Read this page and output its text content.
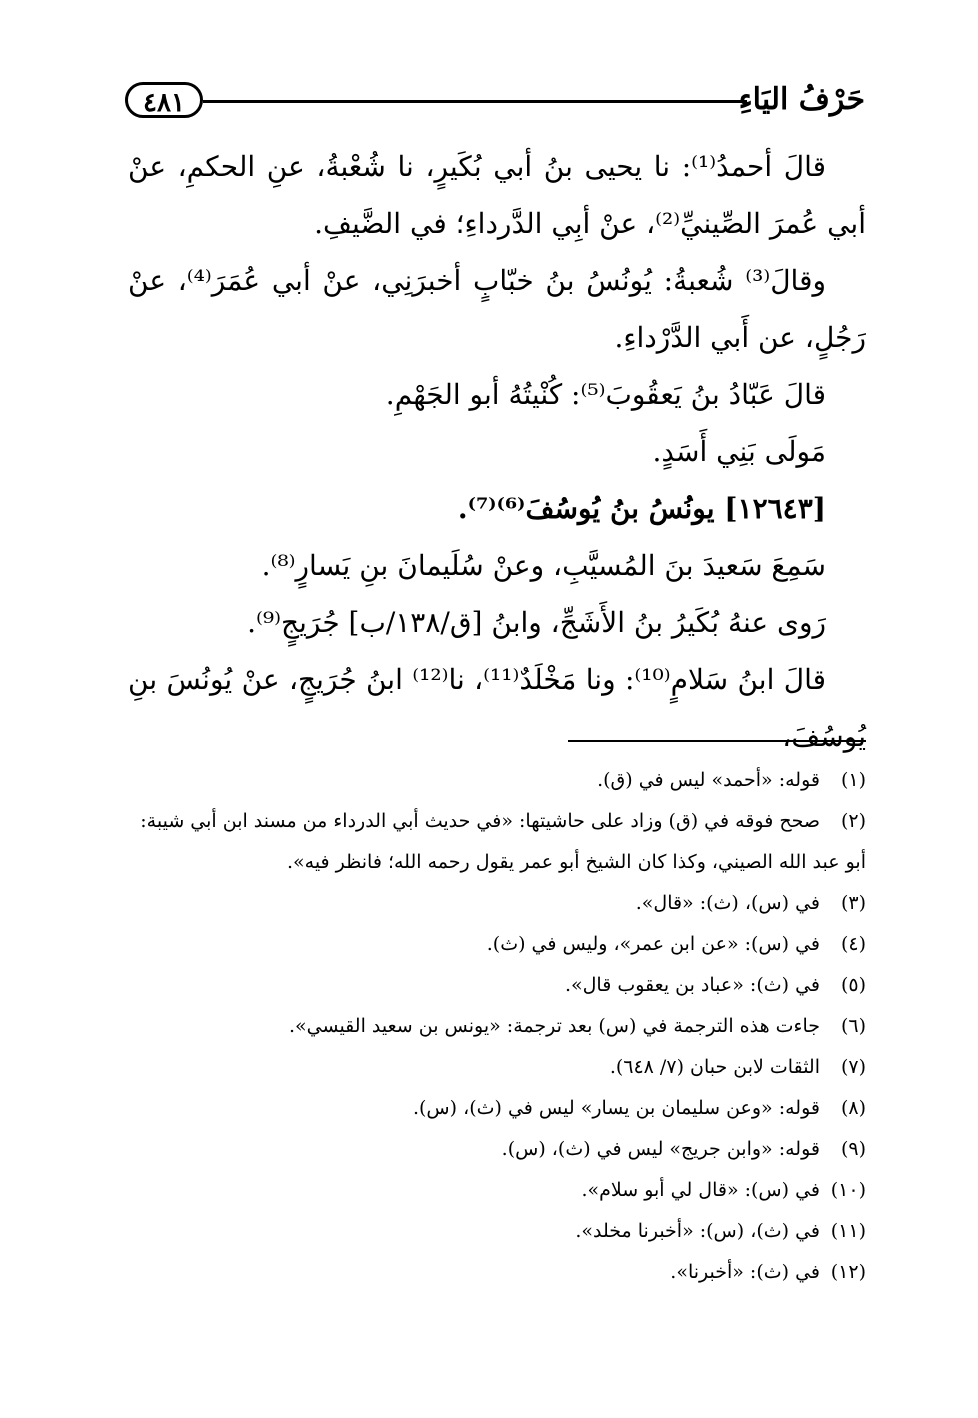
٤٨١	حَرْفُ اليَاءِ

قالَ أحمدُ⁽¹⁾: نا يحيى بنُ أبي بُكَيرٍ، نا شُعْبةُ، عنِ الحكمِ، عنْ أبي عُمرَ الصِّينيِّ⁽²⁾، عنْ أبِي الدَّرداءِ؛ في الضَّيفِ.

وقالَ⁽³⁾ شُعبةُ: يُونُسُ بنُ خبّابٍ أخبرَنِي، عنْ أبي عُمَرَ⁽⁴⁾، عنْ رَجُلٍ، عن أَبي الدَّرْداءِ.

قالَ عَبّادُ بنُ يَعقُوبَ⁽⁵⁾: كُنْيتُهُ أبو الجَهْمِ.

مَولَى بَنِي أَسَدٍ.

[١٢٦٤٣] يونُسُ بنُ يُوسُفَ⁽⁶⁾⁽⁷⁾.

سَمِعَ سَعيدَ بنَ المُسيَّبِ، وعنْ سُلَيمانَ بنِ يَسارٍ⁽⁸⁾.

رَوى عنهُ بُكَيرُ بنُ الأَشَجِّ، وابنُ [ق/١٣٨/ب] جُرَيجٍ⁽⁹⁾.

قالَ ابنُ سَلامٍ⁽¹⁰⁾: ونا مَخْلَدٌ⁽¹¹⁾، نا⁽¹²⁾ ابنُ جُرَيجٍ، عنْ يُونُسَ بنِ يُوسُفَ،

(١)قوله: «أحمد» ليس في (ق).

(٢)صحح فوقه في (ق) وزاد على حاشيتها: «في حديث أبي الدرداء من مسند ابن أبي شيبة: أبو عبد الله الصيني، وكذا كان الشيخ أبو عمر يقول رحمه الله؛ فانظر فيه».

(٣)في (س)، (ث): «قال».

(٤)في (س): «عن ابن عمر»، وليس في (ث).

(٥)في (ث): «عباد بن يعقوب قال».

(٦)جاءت هذه الترجمة في (س) بعد ترجمة: «يونس بن سعيد القيسي».

(٧)الثقات لابن حبان (٧/ ٦٤٨).

(٨)قوله: «وعن سليمان بن يسار» ليس في (ث)، (س).

(٩)قوله: «وابن جريج» ليس في (ث)، (س).

(١٠)في (س): «قال لي أبو سلام».

(١١)في (ث)، (س): «أخبرنا مخلد».

(١٢)في (ث): «أخبرنا».
